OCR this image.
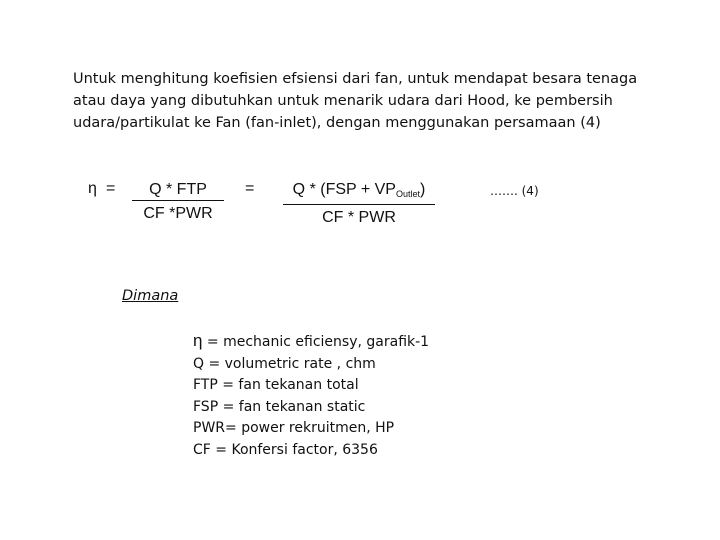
Untuk menghitung koefisien efsiensi dari fan, untuk mendapat besara tenaga
atau daya yang dibutuhkan untuk menarik udara dari Hood, ke pembersih
udara/partikulat ke Fan (fan-inlet), dengan menggunakan persamaan (4)
η =	Q * FTP
CF *PWR
=	$Q * (FSP + VP_{Outlet})$
CF * PWR
……. (4)
Dimana
η = mechanic eficiensy, garafik-1
Q = volumetric rate , chm
FTP = fan tekanan total
FSP = fan tekanan static
PWR= power rekruitmen, HP
CF = Konfersi factor, 6356
